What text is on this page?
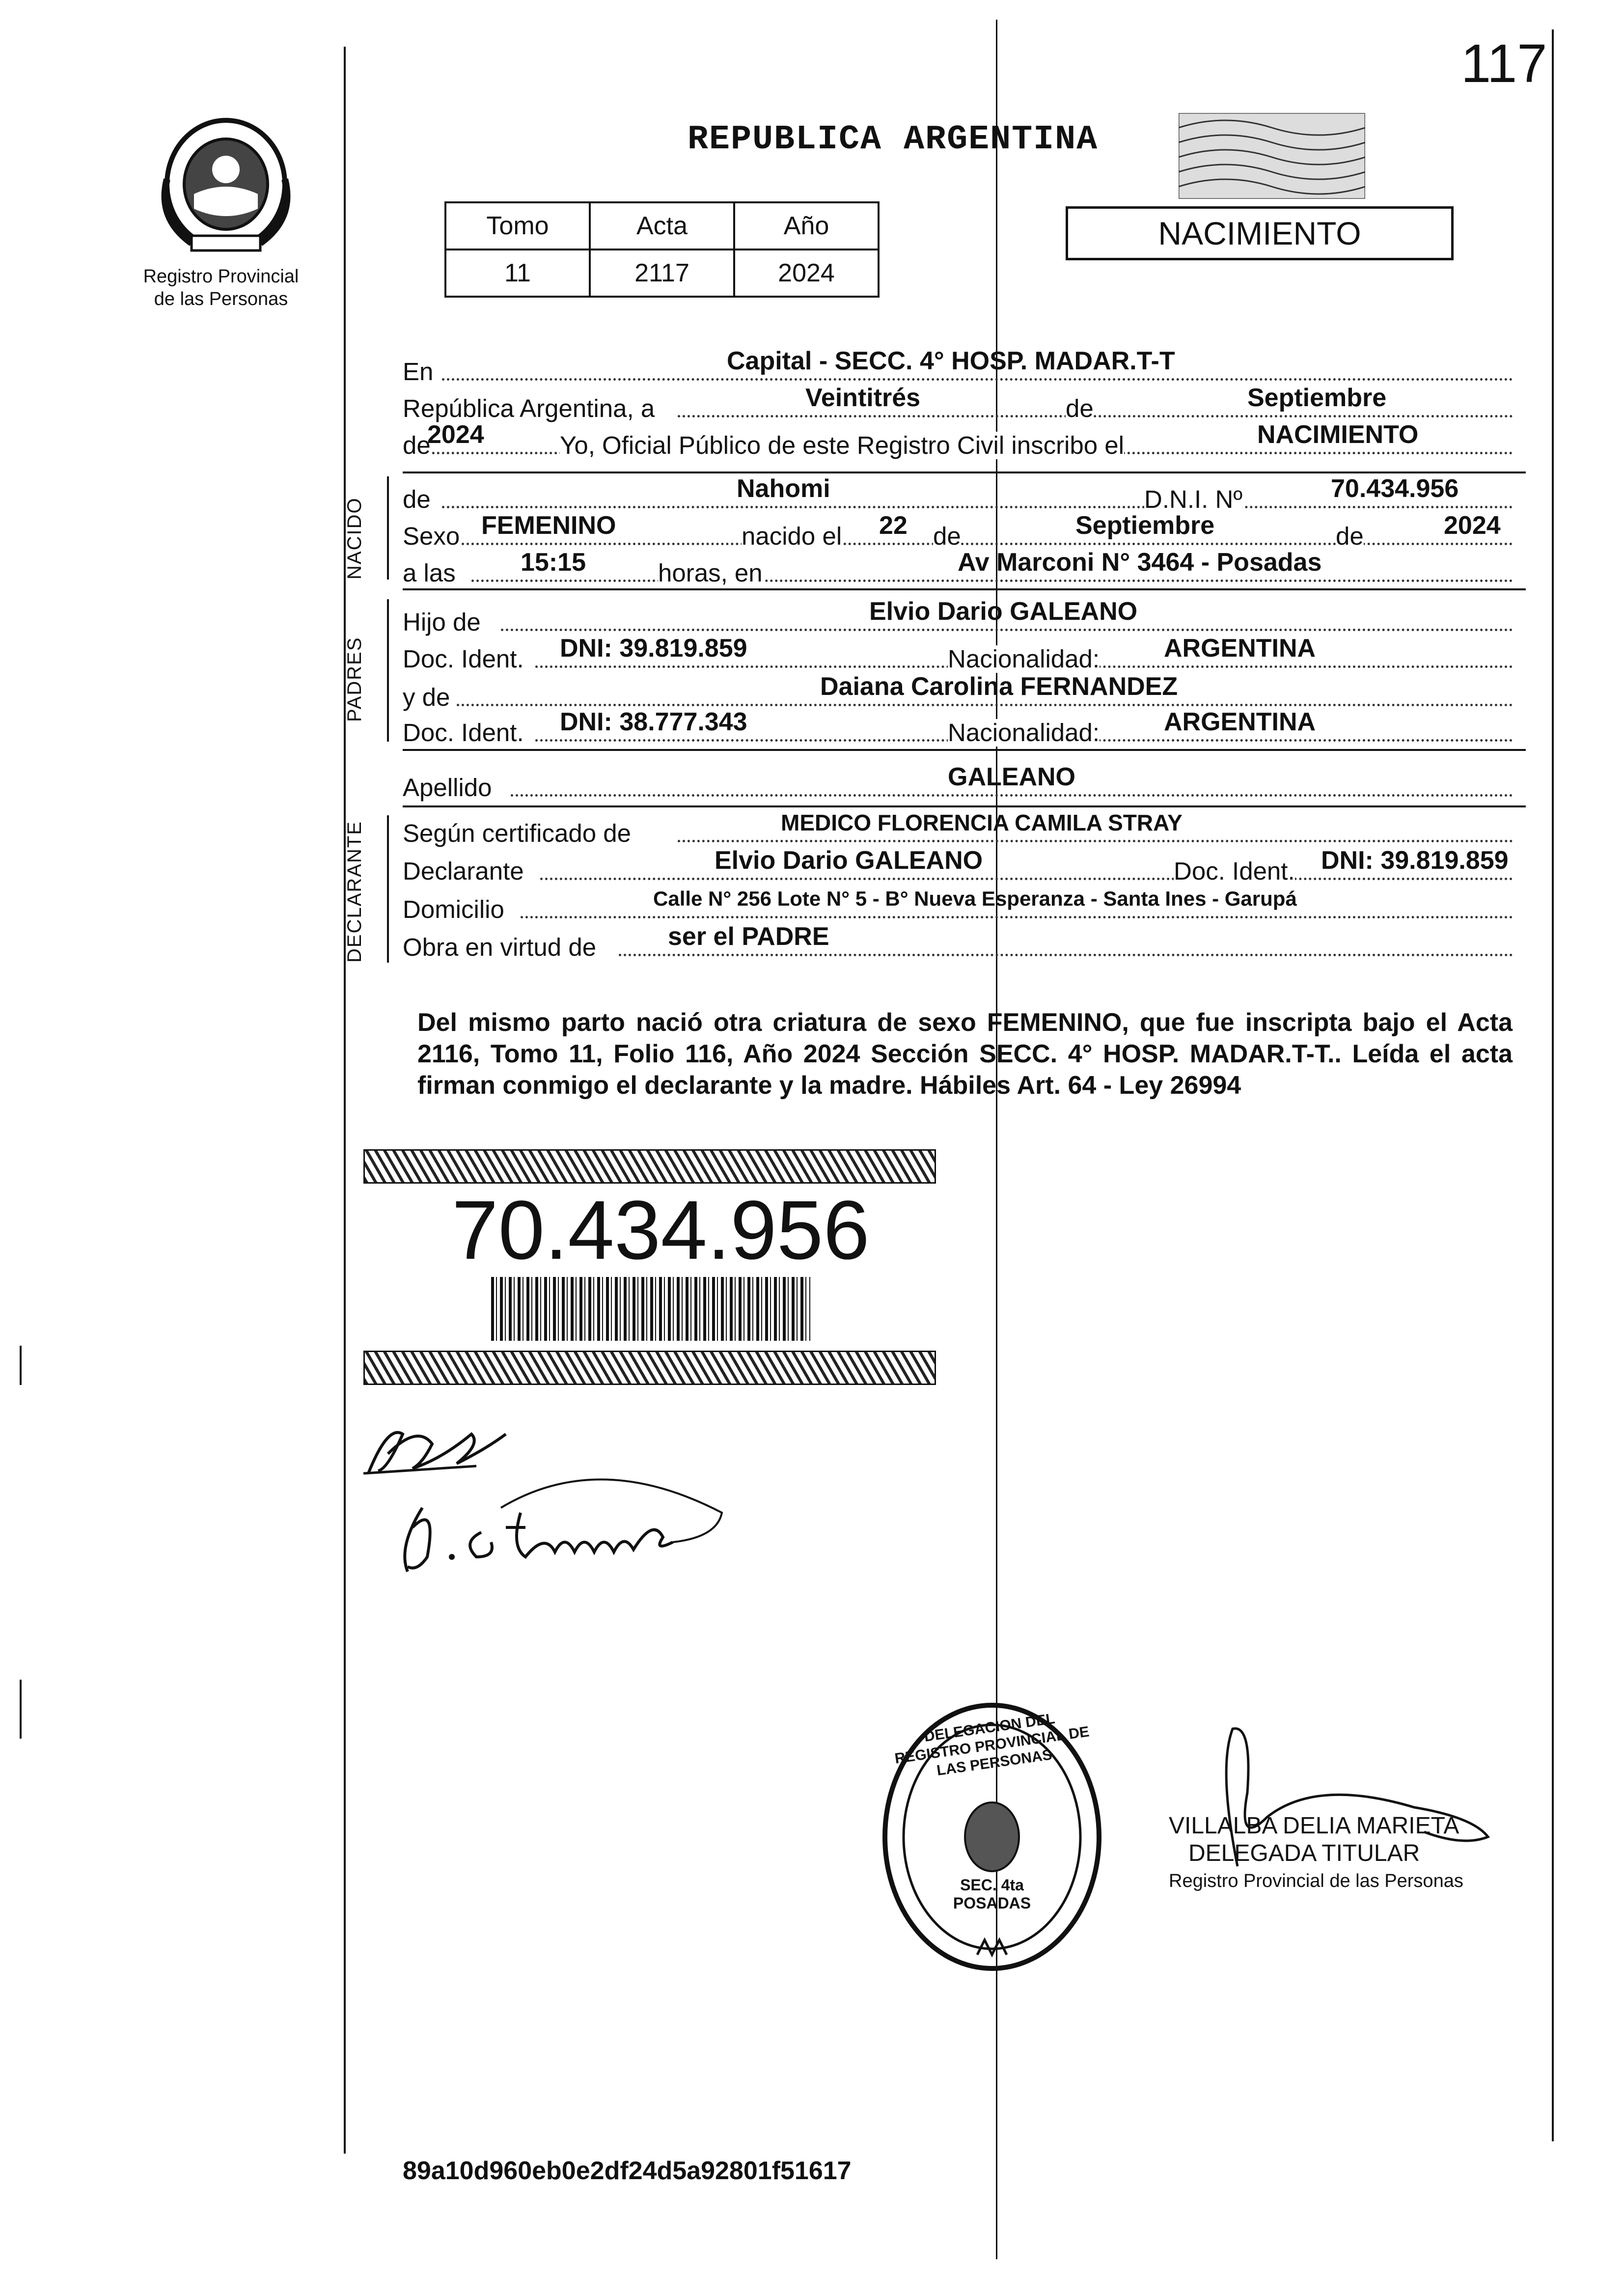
117
Registro Provincial
de las Personas
REPUBLICA ARGENTINA
Tomo	Acta	Año
11	2117	2024
NACIMIENTO
En	Capital - SECC. 4° HOSP. MADAR.T-T
República Argentina, a	Veintitrés	de	Septiembre
de
2024	Yo, Oficial Público de este Registro Civil inscribo el	NACIMIENTO
NACIDO de	Nahomi	D.N.I. Nº	70.434.956
Sexo FEMENINO	nacido el 22 de	Septiembre	de	2024
a las	15:15	horas, en	Av Marconi N° 3464 - Posadas
PADRES
Hijo de	Elvio Dario GALEANO
Doc. Ident. DNI: 39.819.859	Nacionalidad:	ARGENTINA
y de	Daiana Carolina FERNANDEZ
Doc. Ident. DNI: 38.777.343	Nacionalidad:	ARGENTINA
Apellido	GALEANO
DECLARANTE Según certificado de	MEDICO FLORENCIA CAMILA STRAY
Declarante	Elvio Dario GALEANO	Doc. Ident. DNI: 39.819.859
Domicilio	Calle N° 256 Lote N° 5 - B° Nueva Esperanza - Santa Ines - Garupá
Obra en virtud de	ser el PADRE
Del mismo parto nació otra criatura de sexo FEMENINO, que fue inscripta bajo el Acta 2116, Tomo 11, Folio 116, Año 2024 Sección SECC. 4° HOSP. MADAR.T-T.. Leída el acta firman conmigo el declarante y la madre. Hábiles Art. 64 - Ley 26994
70.434.956
DELEGACION DEL REGISTRO PROVINCIAL DE LAS PERSONAS
SEC. 4ta POSADAS
VILLALBA DELIA MARIETA
DELEGADA TITULAR
Registro Provincial de las Personas
89a10d960eb0e2df24d5a92801f51617
